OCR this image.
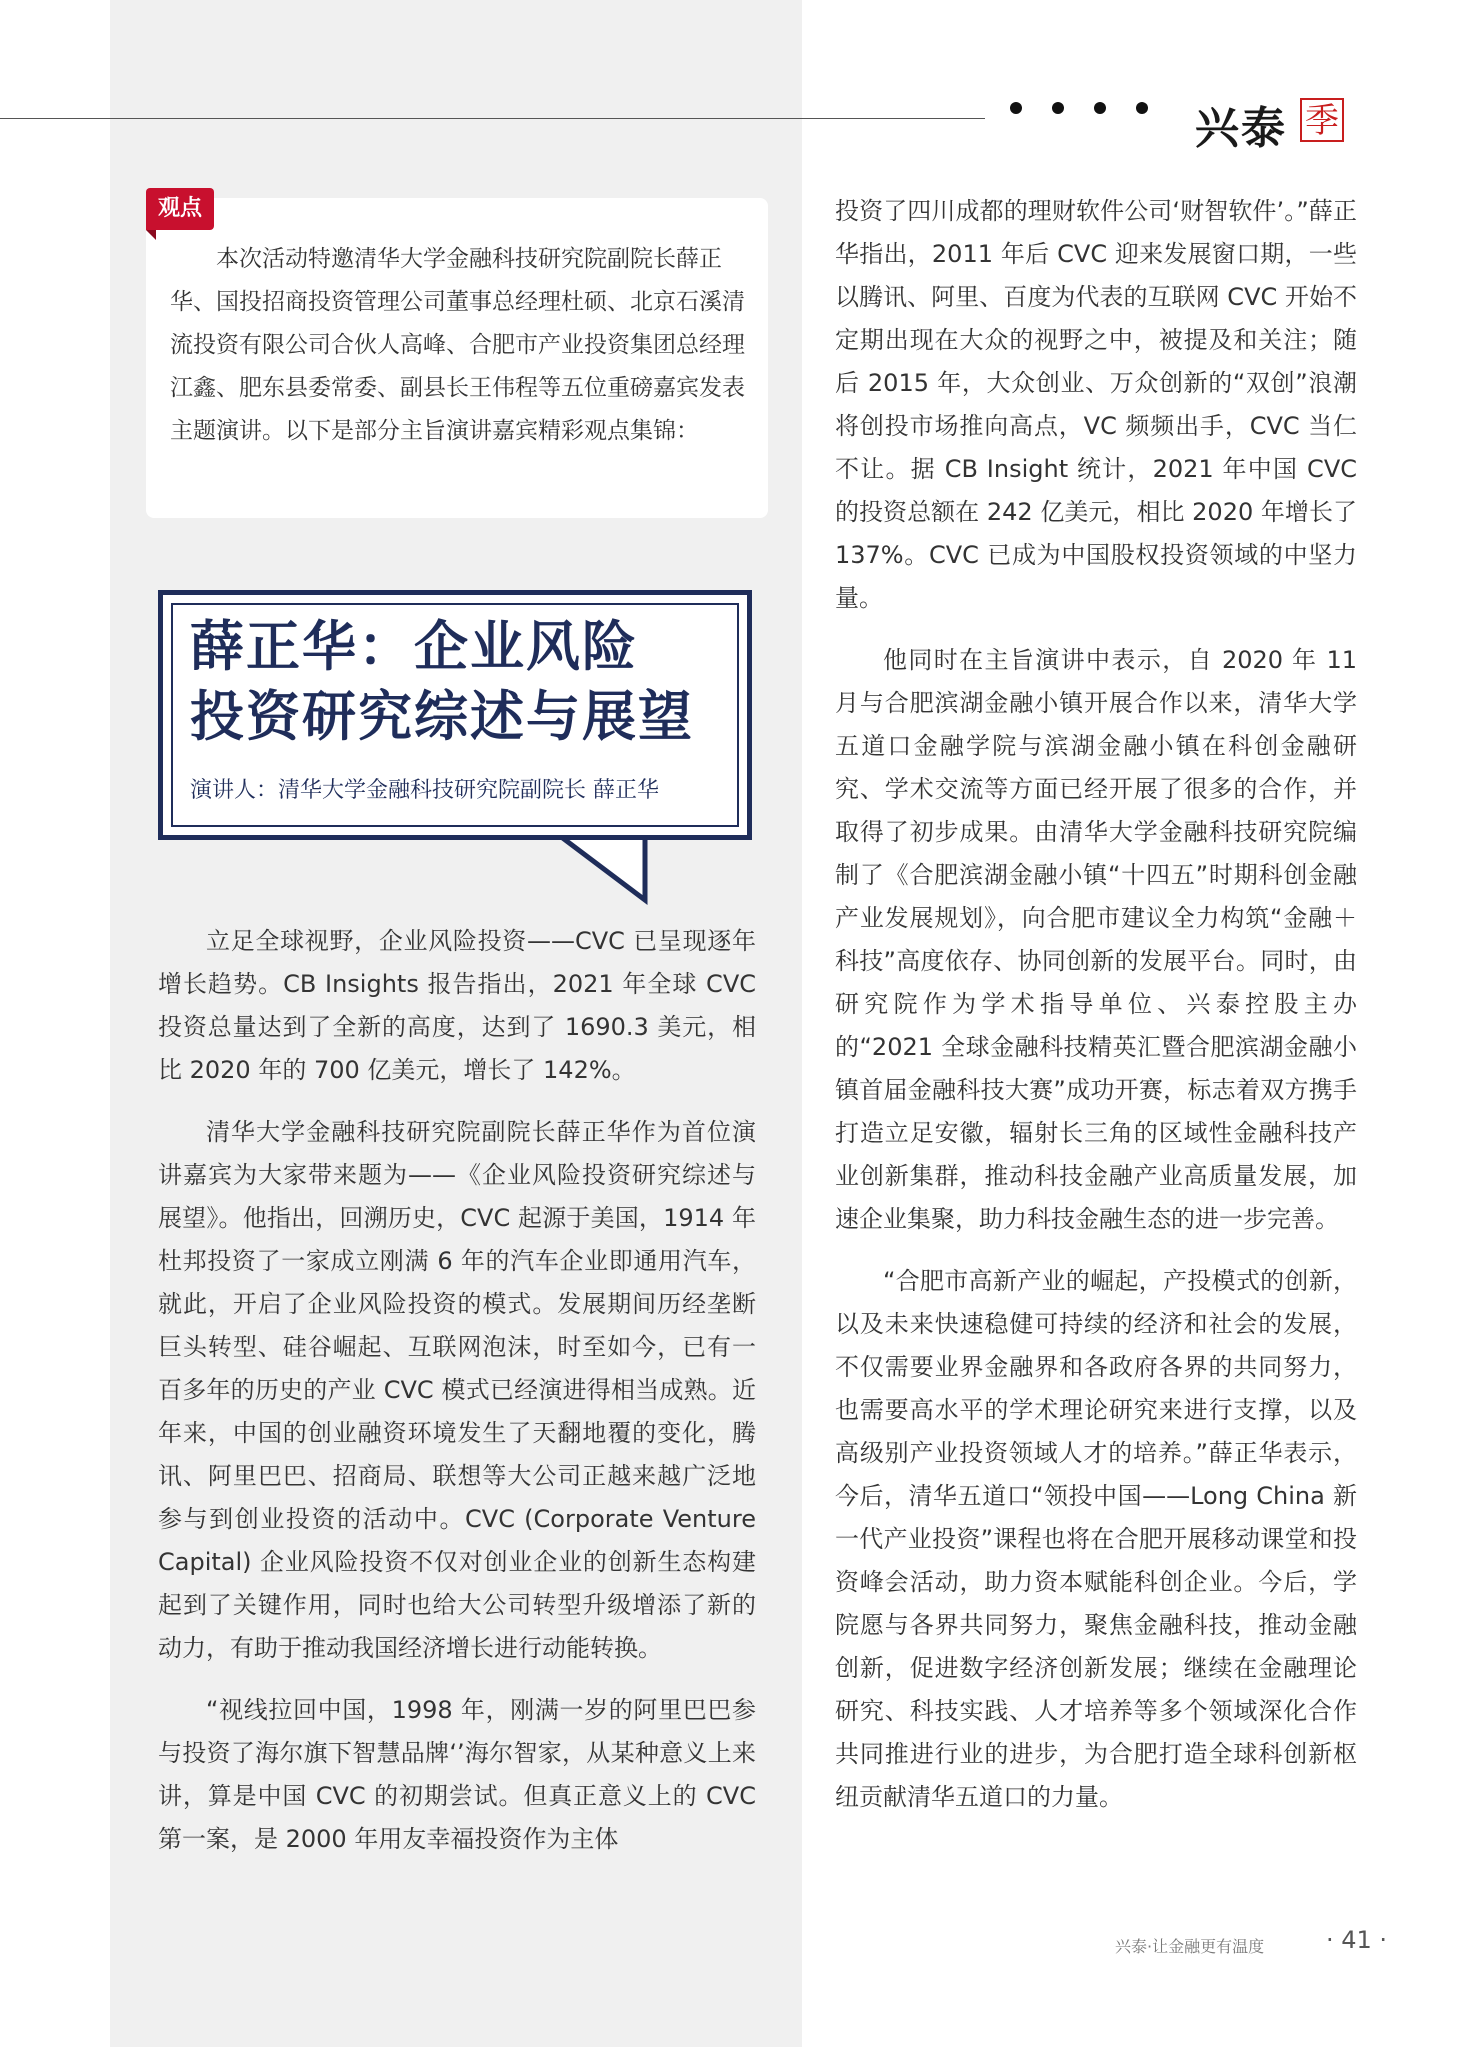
兴泰 季
观点

本次活动特邀清华大学金融科技研究院副院长薛正华、国投招商投资管理公司董事总经理杜硕、北京石溪清流投资有限公司合伙人高峰、合肥市产业投资集团总经理江鑫、肥东县委常委、副县长王伟程等五位重磅嘉宾发表主题演讲。以下是部分主旨演讲嘉宾精彩观点集锦：

薛正华：企业风险
投资研究综述与展望

演讲人：清华大学金融科技研究院副院长 薛正华

立足全球视野，企业风险投资——CVC 已呈现逐年增长趋势。CB Insights 报告指出，2021 年全球 CVC 投资总量达到了全新的高度，达到了 1690.3 美元，相比 2020 年的 700 亿美元，增长了 142%。

清华大学金融科技研究院副院长薛正华作为首位演讲嘉宾为大家带来题为——《企业风险投资研究综述与展望》。他指出，回溯历史，CVC 起源于美国，1914 年杜邦投资了一家成立刚满 6 年的汽车企业即通用汽车，就此，开启了企业风险投资的模式。发展期间历经垄断巨头转型、硅谷崛起、互联网泡沫，时至如今，已有一百多年的历史的产业 CVC 模式已经演进得相当成熟。近年来，中国的创业融资环境发生了天翻地覆的变化，腾讯、阿里巴巴、招商局、联想等大公司正越来越广泛地参与到创业投资的活动中。CVC (Corporate Venture Capital) 企业风险投资不仅对创业企业的创新生态构建起到了关键作用，同时也给大公司转型升级增添了新的动力，有助于推动我国经济增长进行动能转换。

“视线拉回中国，1998 年，刚满一岁的阿里巴巴参与投资了海尔旗下智慧品牌‘’海尔智家，从某种意义上来讲，算是中国 CVC 的初期尝试。但真正意义上的 CVC 第一案，是 2000 年用友幸福投资作为主体

投资了四川成都的理财软件公司‘财智软件’。”薛正华指出，2011 年后 CVC 迎来发展窗口期，一些以腾讯、阿里、百度为代表的互联网 CVC 开始不定期出现在大众的视野之中，被提及和关注；随后 2015 年，大众创业、万众创新的“双创”浪潮将创投市场推向高点，VC 频频出手，CVC 当仁不让。据 CB Insight 统计，2021 年中国 CVC 的投资总额在 242 亿美元，相比 2020 年增长了 137%。CVC 已成为中国股权投资领域的中坚力量。

他同时在主旨演讲中表示，自 2020 年 11 月与合肥滨湖金融小镇开展合作以来，清华大学五道口金融学院与滨湖金融小镇在科创金融研究、学术交流等方面已经开展了很多的合作，并取得了初步成果。由清华大学金融科技研究院编制了《合肥滨湖金融小镇“十四五”时期科创金融产业发展规划》，向合肥市建议全力构筑“金融＋科技”高度依存、协同创新的发展平台。同时，由研究院作为学术指导单位、兴泰控股主办的“2021 全球金融科技精英汇暨合肥滨湖金融小镇首届金融科技大赛”成功开赛，标志着双方携手打造立足安徽，辐射长三角的区域性金融科技产业创新集群，推动科技金融产业高质量发展，加速企业集聚，助力科技金融生态的进一步完善。

“合肥市高新产业的崛起，产投模式的创新，以及未来快速稳健可持续的经济和社会的发展，不仅需要业界金融界和各政府各界的共同努力，也需要高水平的学术理论研究来进行支撑，以及高级别产业投资领域人才的培养。”薛正华表示，今后，清华五道口“领投中国——Long China 新一代产业投资”课程也将在合肥开展移动课堂和投资峰会活动，助力资本赋能科创企业。今后，学院愿与各界共同努力，聚焦金融科技，推动金融创新，促进数字经济创新发展；继续在金融理论研究、科技实践、人才培养等多个领域深化合作共同推进行业的进步，为合肥打造全球科创新枢纽贡献清华五道口的力量。

兴泰·让金融更有温度	· 41 ·
